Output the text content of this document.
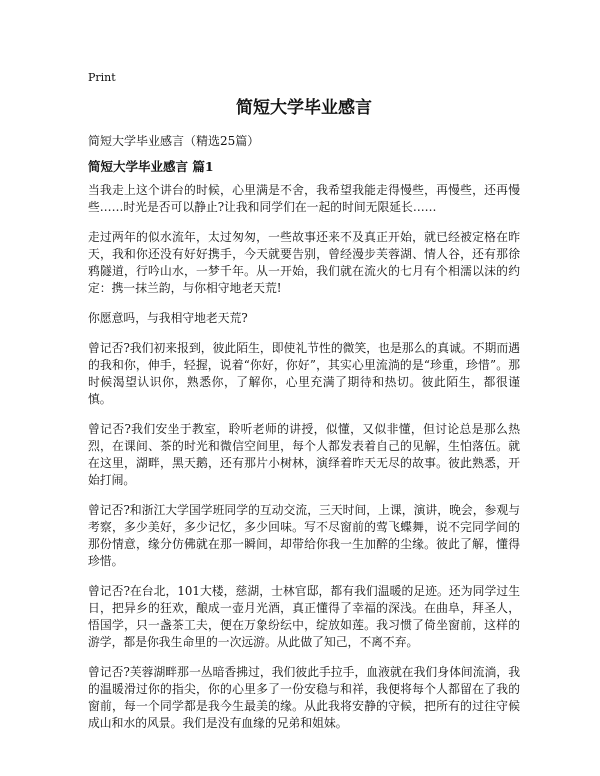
Print
简短大学毕业感言
简短大学毕业感言（精选25篇）
简短大学毕业感言 篇1

当我走上这个讲台的时候，心里满是不舍，我希望我能走得慢些，再慢些，还再慢些……时光是否可以静止?让我和同学们在一起的时间无限延长……

走过两年的似水流年，太过匆匆，一些故事还来不及真正开始，就已经被定格在昨天，我和你还没有好好携手，今天就要告别，曾经漫步芙蓉湖、情人谷，还有那徐鸦隧道，行吟山水，一梦千年。从一开始，我们就在流火的七月有个相濡以沫的约定：携一抹兰韵，与你相守地老天荒!

你愿意吗，与我相守地老天荒?

曾记否?我们初来报到，彼此陌生，即使礼节性的微笑，也是那么的真诚。不期而遇的我和你，伸手，轻握，说着“你好，你好”，其实心里流淌的是“珍重，珍惜”。那时候渴望认识你，熟悉你，了解你，心里充满了期待和热切。彼此陌生，都很谨慎。

曾记否?我们安坐于教室，聆听老师的讲授，似懂，又似非懂，但讨论总是那么热烈，在课间、茶的时光和微信空间里，每个人都发表着自己的见解，生怕落伍。就在这里，湖畔，黑天鹅，还有那片小树林，演绎着昨天无尽的故事。彼此熟悉，开始打闹。

曾记否?和浙江大学国学班同学的互动交流，三天时间，上课，演讲，晚会，参观与考察，多少美好，多少记忆，多少回味。写不尽窗前的莺飞蝶舞，说不完同学间的那份情意，缘分仿佛就在那一瞬间，却带给你我一生加醉的尘缘。彼此了解，懂得珍惜。

曾记否?在台北，101大楼，慈湖，士林官邸，都有我们温暖的足迹。还为同学过生日，把异乡的狂欢，酿成一壶月光酒，真正懂得了幸福的深浅。在曲阜，拜圣人，悟国学，只一盏茶工夫，便在万象纷纭中，绽放如莲。我习惯了倚坐窗前，这样的游学，都是你我生命里的一次远游。从此做了知己，不离不弃。

曾记否?芙蓉湖畔那一丛暗香拂过，我们彼此手拉手，血液就在我们身体间流淌，我的温暖滑过你的指尖，你的心里多了一份安稳与和祥，我便将每个人都留在了我的窗前，每一个同学都是我今生最美的缘。从此我将安静的守候，把所有的过往守候成山和水的风景。我们是没有血缘的兄弟和姐妹。
